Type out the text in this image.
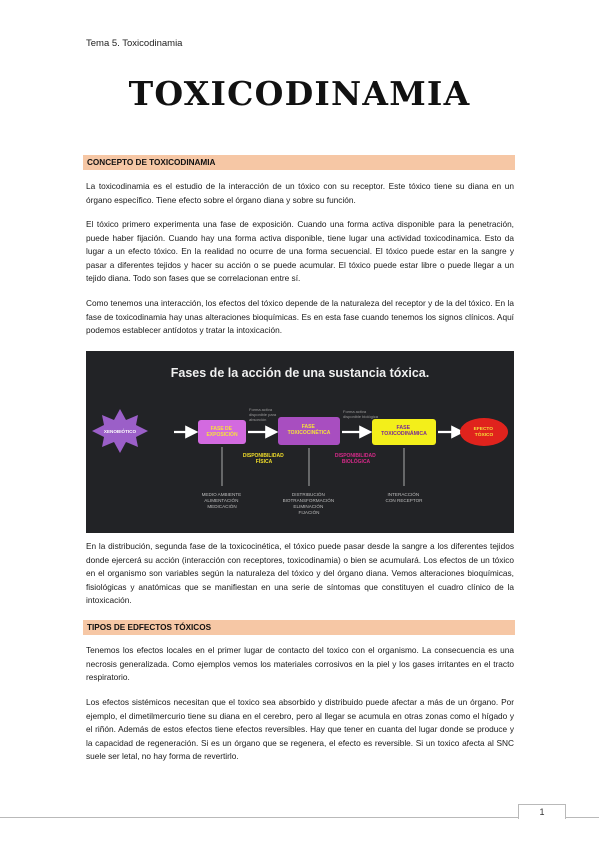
Tema 5. Toxicodinamia
TOXICODINAMIA
CONCEPTO DE TOXICODINAMIA

La toxicodinamia es el estudio de la interacción de un tóxico con su receptor. Este tóxico tiene su diana en un órgano específico. Tiene efecto sobre el órgano diana y sobre su función.

El tóxico primero experimenta una fase de exposición. Cuando una forma activa disponible para la penetración, puede haber fijación. Cuando hay una forma activa disponible, tiene lugar una actividad toxicodinamica. Esto da lugar a un efecto tóxico. En la realidad no ocurre de una forma secuencial. El tóxico puede estar en la sangre y pasar a diferentes tejidos y hacer su acción o se puede acumular. El tóxico puede estar libre o puede llegar a un tejido diana. Todo son fases que se correlacionan entre sí.

Como tenemos una interacción, los efectos del tóxico depende de la naturaleza del receptor y de la del tóxico. En la fase de toxicodinamia hay unas alteraciones bioquímicas. Es en esta fase cuando tenemos los signos clínicos. Aquí podemos establecer antídotos y tratar la intoxicación.

Fases de la acción de una sustancia tóxica.
XENOBIÓTICO	FASE DE EXPOSICIÓN
Forma activa disponible para absorción
FASE TOXICOCINÉTICA
Forma activa disponible biológica
FASE TOXICODINÁMICA
EFECTO TÓXICO
DISPONIBILIDAD FÍSICA
DISPONIBILIDAD BIOLÓGICA
MEDIO AMBIENTE ALIMENTACIÓN MEDICACIÓN
DISTRIBUCIÓN BIOTRANSFORMACIÓN ELIMINACIÓN FIJACIÓN
INTERACCIÓN CON RECEPTOR

En la distribución, segunda fase de la toxicocinética, el tóxico puede pasar desde la sangre a los diferentes tejidos donde ejercerá su acción (interacción con receptores, toxicodinamia) o bien se acumulará. Los efectos de un tóxico en el organismo son variables según la naturaleza del tóxico y del órgano diana. Vemos alteraciones bioquímicas, fisiológicas y anatómicas que se manifiestan en una serie de síntomas que constituyen el cuadro clínico de la intoxicación.

TIPOS DE EDFECTOS TÓXICOS

Tenemos los efectos locales en el primer lugar de contacto del toxico con el organismo. La consecuencia es una necrosis generalizada. Como ejemplos vemos los materiales corrosivos en la piel y los gases irritantes en el tracto respiratorio.

Los efectos sistémicos necesitan que el toxico sea absorbido y distribuido puede afectar a más de un órgano. Por ejemplo, el dimetilmercurio tiene su diana en el cerebro, pero al llegar se acumula en otras zonas como el hígado y el riñón. Además de estos efectos tiene efectos reversibles. Hay que tener en cuanta del lugar donde se produce y la capacidad de regeneración. Si es un órgano que se regenera, el efecto es reversible. Si un toxico afecta al SNC suele ser letal, no hay forma de revertirlo.

1
